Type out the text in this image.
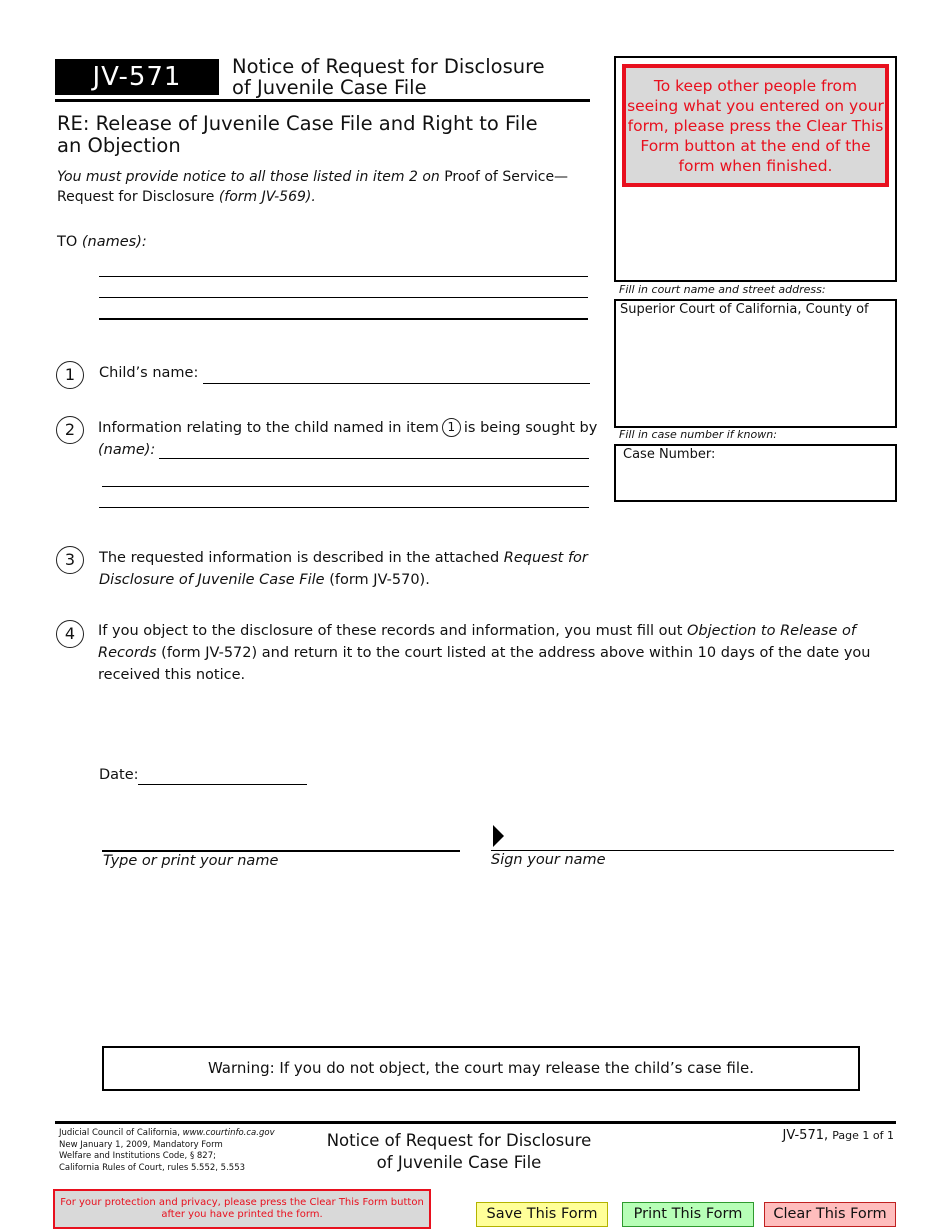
JV-571	Notice of Request for Disclosure
of Juvenile Case File
RE: Release of Juvenile Case File and Right to File
an Objection
You must provide notice to all those listed in item 2 on Proof of Service—
Request for Disclosure (form JV-569).
TO (names):
1	Child’s name:
2	Information relating to the child named in item 1 is being sought by
(name):
3	The requested information is described in the attached Request for
Disclosure of Juvenile Case File (form JV-570).
4	If you object to the disclosure of these records and information, you must fill out Objection to Release of Records (form JV-572) and return it to the court listed at the address above within 10 days of the date you received this notice.
Date:
Type or print your name	Sign your name
To keep other people from seeing what you entered on your form, please press the Clear This Form button at the end of the form when finished.
Fill in court name and street address:
Superior Court of California, County of
Fill in case number if known:
Case Number:
Warning: If you do not object, the court may release the child’s case file.
Judicial Council of California, www.courtinfo.ca.gov
New January 1, 2009, Mandatory Form
Welfare and Institutions Code, § 827;
California Rules of Court, rules 5.552, 5.553
Notice of Request for Disclosure
of Juvenile Case File
JV-571, Page 1 of 1
For your protection and privacy, please press the Clear This Form button after you have printed the form.	Save This Form	Print This Form	Clear This Form
